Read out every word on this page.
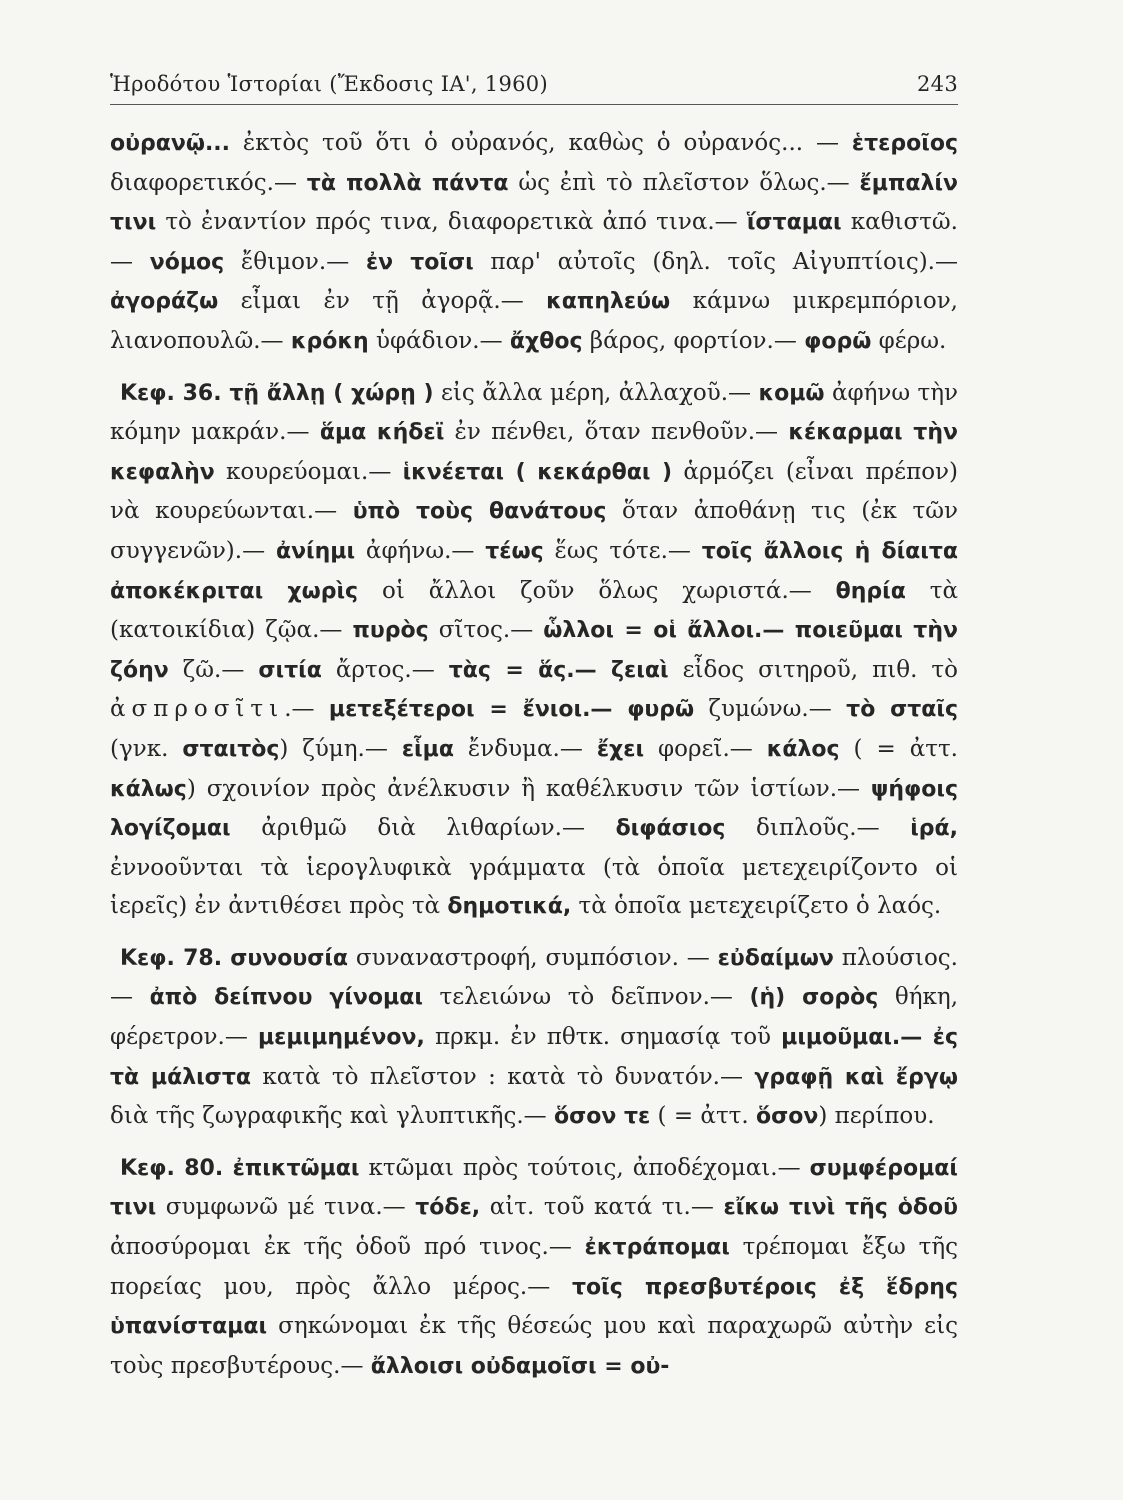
Ἡροδότου Ἱστορίαι (Ἔκδοσις ΙΑ', 1960)	243

οὐρανῷ... ἐκτὸς τοῦ ὅτι ὁ οὐρανός, καθὼς ὁ οὐρανός... — ἑτεροῖος διαφορετικός.— τὰ πολλὰ πάντα ὡς ἐπὶ τὸ πλεῖστον ὅλως.— ἔμπαλίν τινι τὸ ἐναντίον πρός τινα, διαφορετικὰ ἀπό τινα.— ἵσταμαι καθιστῶ.— νόμος ἔθιμον.— ἐν τοῖσι παρ' αὐτοῖς (δηλ. τοῖς Αἰγυπτίοις).— ἀγοράζω εἶμαι ἐν τῇ ἀγορᾷ.— καπηλεύω κάμνω μικρεμπόριον, λιανοπουλῶ.— κρόκη ὑφάδιον.— ἄχθος βάρος, φορτίον.— φορῶ φέρω.

Κεφ. 36. τῇ ἄλλῃ ( χώρῃ ) εἰς ἄλλα μέρη, ἀλλαχοῦ.— κομῶ ἀφήνω τὴν κόμην μακράν.— ἅμα κήδεϊ ἐν πένθει, ὅταν πενθοῦν.— κέκαρμαι τὴν κεφαλὴν κουρεύομαι.— ἱκνέεται ( κεκάρθαι ) ἁρμόζει (εἶναι πρέπον) νὰ κουρεύωνται.— ὑπὸ τοὺς θανάτους ὅταν ἀποθάνῃ τις (ἐκ τῶν συγγενῶν).— ἀνίημι ἀφήνω.— τέως ἕως τότε.— τοῖς ἄλλοις ἡ δίαιτα ἀποκέκριται χωρὶς οἱ ἄλλοι ζοῦν ὅλως χωριστά.— θηρία τὰ (κατοικίδια) ζῷα.— πυρὸς σῖτος.— ὧλλοι = οἱ ἄλλοι.— ποιεῦμαι τὴν ζόην ζῶ.— σιτία ἄρτος.— τὰς = ἅς.— ζειαὶ εἶδος σιτηροῦ, πιθ. τὸ ἀσπροσῖτι.— μετεξέτεροι = ἔνιοι.— φυρῶ ζυμώνω.— τὸ σταῖς (γνκ. σταιτὸς) ζύμη.— εἷμα ἔνδυμα.— ἔχει φορεῖ.— κάλος ( = ἀττ. κάλως) σχοινίον πρὸς ἀνέλκυσιν ἢ καθέλκυσιν τῶν ἱστίων.— ψήφοις λογίζομαι ἀριθμῶ διὰ λιθαρίων.— διφάσιος διπλοῦς.— ἱρά, ἐννοοῦνται τὰ ἱερογλυφικὰ γράμματα (τὰ ὁποῖα μετεχειρίζοντο οἱ ἱερεῖς) ἐν ἀντιθέσει πρὸς τὰ δημοτικά, τὰ ὁποῖα μετεχειρίζετο ὁ λαός.

Κεφ. 78. συνουσία συναναστροφή, συμπόσιον. — εὐδαίμων πλούσιος.— ἀπὸ δείπνου γίνομαι τελειώνω τὸ δεῖπνον.— (ἡ) σορὸς θήκη, φέρετρον.— μεμιμημένον, πρκμ. ἐν πθτκ. σημασίᾳ τοῦ μιμοῦμαι.— ἐς τὰ μάλιστα κατὰ τὸ πλεῖστον : κατὰ τὸ δυνατόν.— γραφῇ καὶ ἔργῳ διὰ τῆς ζωγραφικῆς καὶ γλυπτικῆς.— ὅσον τε ( = ἀττ. ὅσον) περίπου.

Κεφ. 80. ἐπικτῶμαι κτῶμαι πρὸς τούτοις, ἀποδέχομαι.— συμφέρομαί τινι συμφωνῶ μέ τινα.— τόδε, αἰτ. τοῦ κατά τι.— εἴκω τινὶ τῆς ὁδοῦ ἀποσύρομαι ἐκ τῆς ὁδοῦ πρό τινος.— ἐκτράπομαι τρέπομαι ἔξω τῆς πορείας μου, πρὸς ἄλλο μέρος.— τοῖς πρεσβυτέροις ἐξ ἕδρης ὑπανίσταμαι σηκώνομαι ἐκ τῆς θέσεώς μου καὶ παραχωρῶ αὐτὴν εἰς τοὺς πρεσβυτέρους.— ἄλλοισι οὐδαμοῖσι = οὐ-
